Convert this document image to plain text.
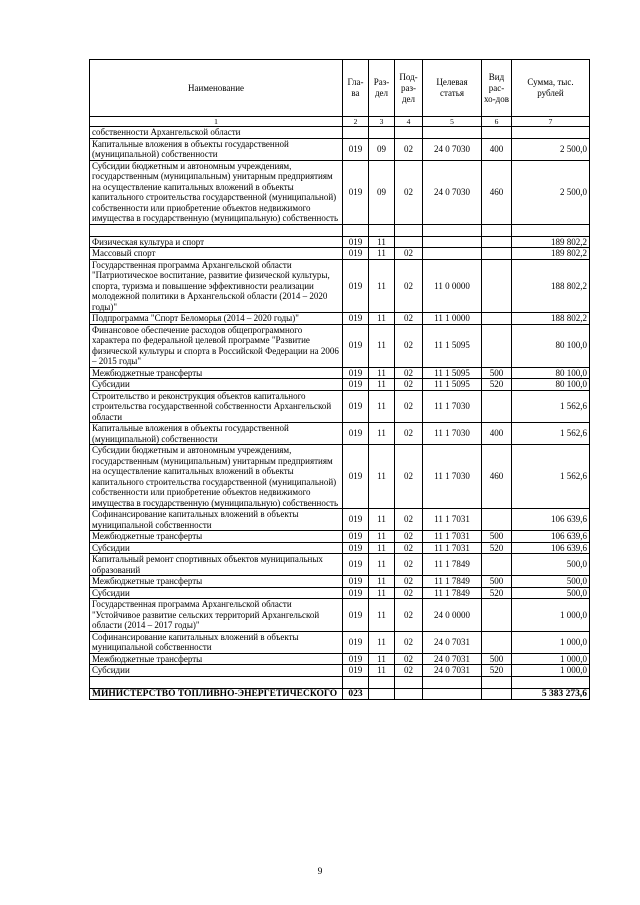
Наименование	Гла-ва	Раз-дел	Под-раз-дел	Целевая статья	Вид рас-хо-дов	Сумма, тыс. рублей
1	2	3	4	5	6	7
собственности Архангельской области						
Капитальные вложения в объекты государственной (муниципальной) собственности	019	09	02	24 0 7030	400	2 500,0
Субсидии бюджетным и автономным учреждениям, государственным (муниципальным) унитарным предприятиям на осуществление капитальных вложений в объекты капитального строительства государственной (муниципальной) собственности или приобретение объектов недвижимого имущества в государственную (муниципальную) собственность	019	09	02	24 0 7030	460	2 500,0

Физическая культура и спорт	019	11				189 802,2
Массовый спорт	019	11	02			189 802,2
Государственная программа Архангельской области "Патриотическое воспитание, развитие физической культуры, спорта, туризма и повышение эффективности реализации молодежной политики в Архангельской области (2014 – 2020 годы)"	019	11	02	11 0 0000		188 802,2
Подпрограмма "Спорт Беломорья (2014 – 2020 годы)"	019	11	02	11 1 0000		188 802,2
Финансовое обеспечение расходов общепрограммного характера по федеральной целевой программе "Развитие физической культуры и спорта в Российской Федерации на 2006 – 2015 годы"	019	11	02	11 1 5095		80 100,0
Межбюджетные трансферты	019	11	02	11 1 5095	500	80 100,0
Субсидии	019	11	02	11 1 5095	520	80 100,0
Строительство и реконструкция объектов капитального строительства государственной собственности Архангельской области	019	11	02	11 1 7030		1 562,6
Капитальные вложения в объекты государственной (муниципальной) собственности	019	11	02	11 1 7030	400	1 562,6
Субсидии бюджетным и автономным учреждениям, государственным (муниципальным) унитарным предприятиям на осуществление капитальных вложений в объекты капитального строительства государственной (муниципальной) собственности или приобретение объектов недвижимого имущества в государственную (муниципальную) собственность	019	11	02	11 1 7030	460	1 562,6
Софинансирование капитальных вложений в объекты муниципальной собственности	019	11	02	11 1 7031		106 639,6
Межбюджетные трансферты	019	11	02	11 1 7031	500	106 639,6
Субсидии	019	11	02	11 1 7031	520	106 639,6
Капитальный ремонт спортивных объектов муниципальных образований	019	11	02	11 1 7849		500,0
Межбюджетные трансферты	019	11	02	11 1 7849	500	500,0
Субсидии	019	11	02	11 1 7849	520	500,0
Государственная программа Архангельской области "Устойчивое развитие сельских территорий Архангельской области (2014 – 2017 годы)"	019	11	02	24 0 0000		1 000,0
Софинансирование капитальных вложений в объекты муниципальной собственности	019	11	02	24 0 7031		1 000,0
Межбюджетные трансферты	019	11	02	24 0 7031	500	1 000,0
Субсидии	019	11	02	24 0 7031	520	1 000,0

МИНИСТЕРСТВО ТОПЛИВНО-ЭНЕРГЕТИЧЕСКОГО	023					5 383 273,6
9
